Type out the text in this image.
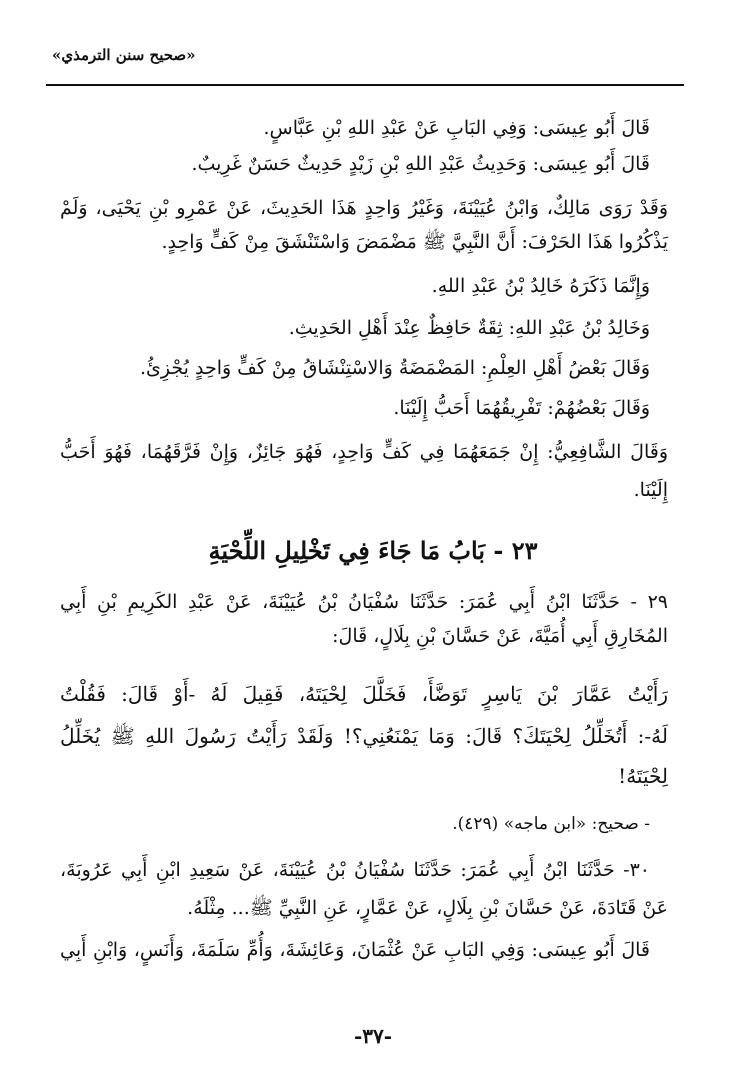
«صحيح سنن الترمذي»
قَالَ أَبُو عِيسَى: وَفِي البَابِ عَنْ عَبْدِ اللهِ بْنِ عَبَّاسٍ.
قَالَ أَبُو عِيسَى: وَحَدِيثُ عَبْدِ اللهِ بْنِ زَيْدٍ حَدِيثٌ حَسَنٌ غَرِيبٌ.
وَقَدْ رَوَى مَالِكٌ، وَابْنُ عُيَيْنَةَ، وَغَيْرُ وَاحِدٍ هَذَا الحَدِيثَ، عَنْ عَمْرِو بْنِ يَحْيَى، وَلَمْ
يَذْكُرُوا هَذَا الحَرْفَ: أَنَّ النَّبِيَّ ﷺ مَضْمَضَ وَاسْتَنْشَقَ مِنْ كَفٍّ وَاحِدٍ.
وَإِنَّمَا ذَكَرَهُ خَالِدُ بْنُ عَبْدِ اللهِ.
وَخَالِدُ بْنُ عَبْدِ اللهِ: ثِقَةٌ حَافِظٌ عِنْدَ أَهْلِ الحَدِيثِ.
وَقَالَ بَعْضُ أَهْلِ العِلْمِ: المَضْمَضَةُ وَالاسْتِنْشَاقُ مِنْ كَفٍّ وَاحِدٍ يُجْزِئُ.
وَقَالَ بَعْضُهُمْ: تَفْرِيقُهُمَا أَحَبُّ إِلَيْنَا.
وَقَالَ الشَّافِعِيُّ: إِنْ جَمَعَهُمَا فِي كَفٍّ وَاحِدٍ، فَهُوَ جَائِزٌ، وَإِنْ فَرَّقَهُمَا، فَهُوَ أَحَبُّ
إِلَيْنَا.
٢٣ - بَابُ مَا جَاءَ فِي تَخْلِيلِ اللِّحْيَةِ
٢٩ - حَدَّثَنَا ابْنُ أَبِي عُمَرَ: حَدَّثَنَا سُفْيَانُ بْنُ عُيَيْنَةَ، عَنْ عَبْدِ الكَرِيمِ بْنِ أَبِي
المُخَارِقِ أَبِي أُمَيَّةَ، عَنْ حَسَّانَ بْنِ بِلَالٍ، قَالَ:
رَأَيْتُ عَمَّارَ بْنَ يَاسِرٍ تَوَضَّأَ، فَخَلَّلَ لِحْيَتَهُ، فَقِيلَ لَهُ -أَوْ قَالَ: فَقُلْتُ
لَهُ-: أَتُخَلِّلُ لِحْيَتَكَ؟ قَالَ: وَمَا يَمْنَعُنِي؟! وَلَقَدْ رَأَيْتُ رَسُولَ اللهِ ﷺ يُخَلِّلُ
لِحْيَتَهُ!
- صحيح: «ابن ماجه» (٤٢٩).
٣٠- حَدَّثَنَا ابْنُ أَبِي عُمَرَ: حَدَّثَنَا سُفْيَانُ بْنُ عُيَيْنَةَ، عَنْ سَعِيدِ ابْنِ أَبِي عَرُوبَةَ،
عَنْ قَتَادَةَ، عَنْ حَسَّانَ بْنِ بِلَالٍ، عَنْ عَمَّارٍ، عَنِ النَّبِيِّ ﷺ... مِثْلَهُ.
قَالَ أَبُو عِيسَى: وَفِي البَابِ عَنْ عُثْمَانَ، وَعَائِشَةَ، وَأُمِّ سَلَمَةَ، وَأَنَسٍ، وَابْنِ أَبِي
-٣٧-
